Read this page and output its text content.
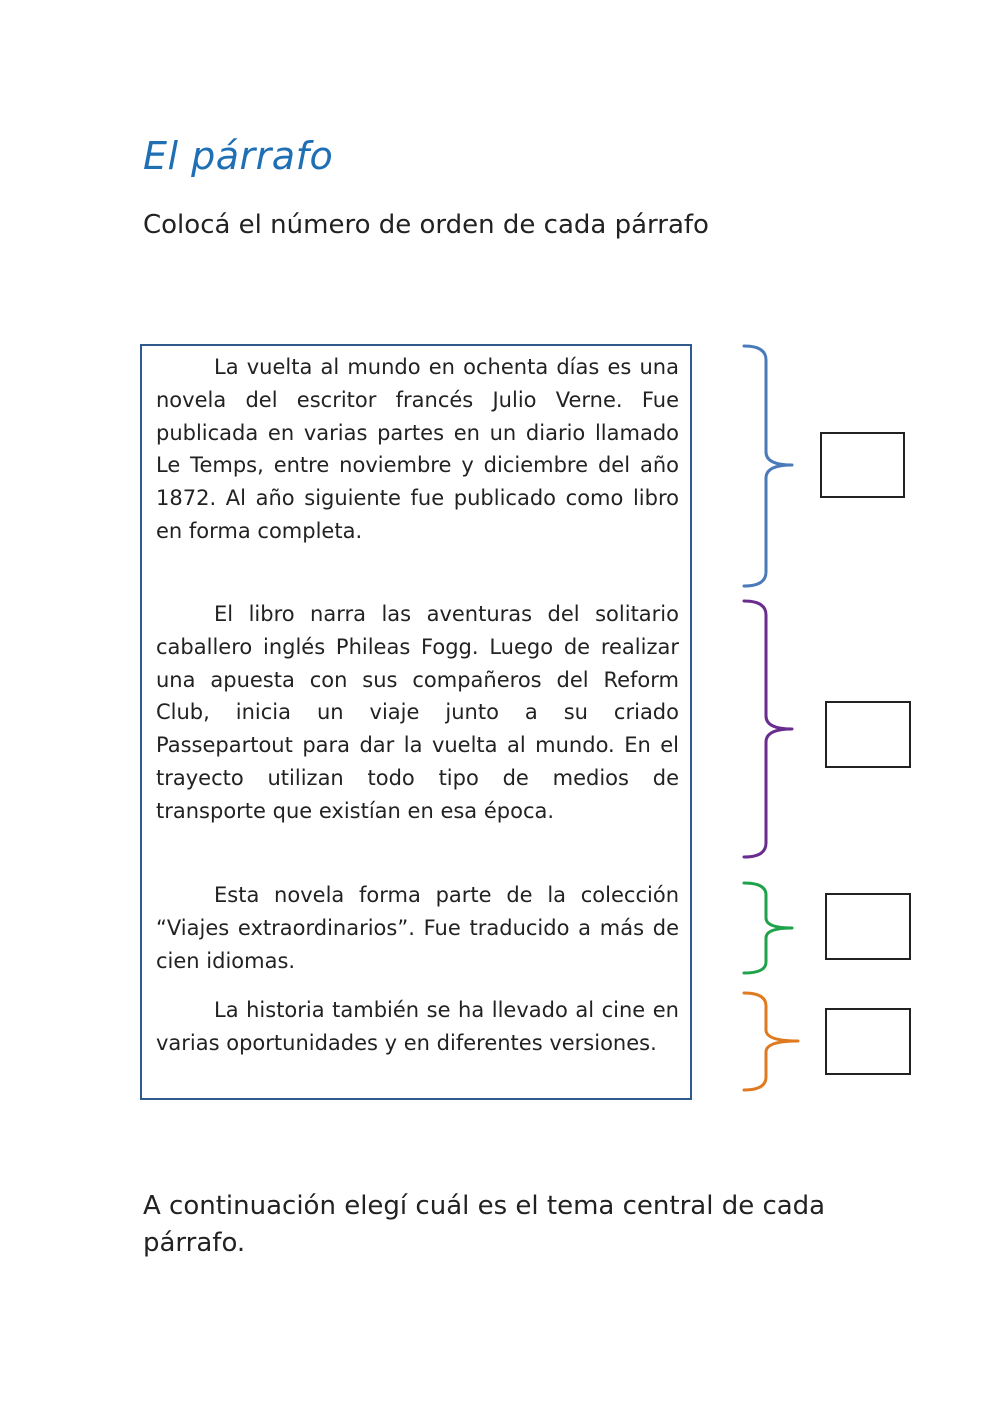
El párrafo

Colocá el número de orden de cada párrafo

La vuelta al mundo en ochenta días es una novela del escritor francés Julio Verne. Fue publicada en varias partes en un diario llamado Le Temps, entre noviembre y diciembre del año 1872. Al año siguiente fue publicado como libro en forma completa.

El libro narra las aventuras del solitario caballero inglés Phileas Fogg. Luego de realizar una apuesta con sus compañeros del Reform Club, inicia un viaje junto a su criado Passepartout para dar la vuelta al mundo. En el trayecto utilizan todo tipo de medios de transporte que existían en esa época.

Esta novela forma parte de la colección “Viajes extraordinarios”. Fue traducido a más de cien idiomas.

La historia también se ha llevado al cine en varias oportunidades y en diferentes versiones.

A continuación elegí cuál es el tema central de cada párrafo.
